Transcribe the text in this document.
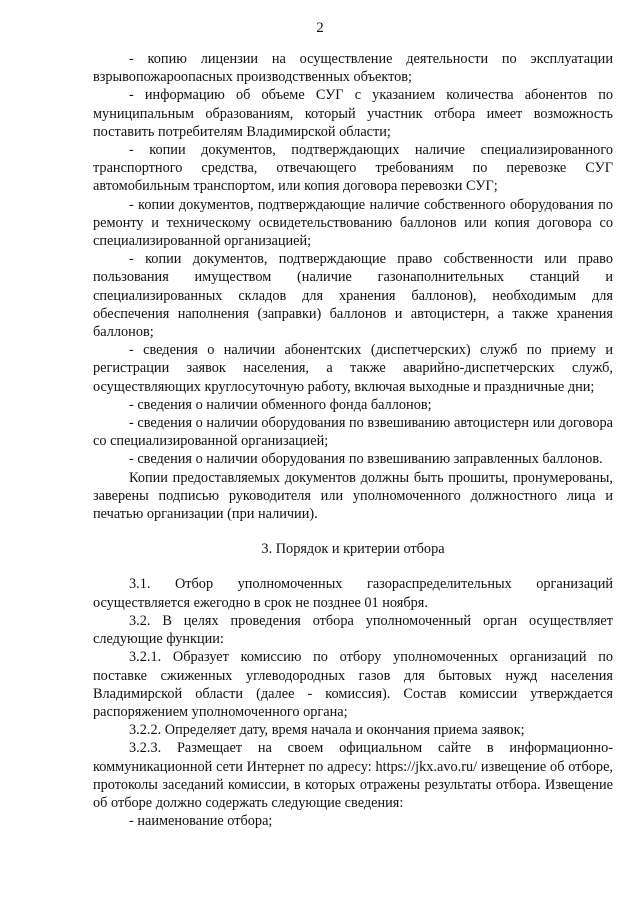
2

- копию лицензии на осуществление деятельности по эксплуатации взрывопожароопасных производственных объектов;

- информацию об объеме СУГ с указанием количества абонентов по муниципальным образованиям, который участник отбора имеет возможность поставить потребителям Владимирской области;

- копии документов, подтверждающих наличие специализированного транспортного средства, отвечающего требованиям по перевозке СУГ автомобильным транспортом, или копия договора перевозки СУГ;

- копии документов, подтверждающие наличие собственного оборудования по ремонту и техническому освидетельствованию баллонов или копия договора со специализированной организацией;

- копии документов, подтверждающие право собственности или право пользования имуществом (наличие газонаполнительных станций и специализированных складов для хранения баллонов), необходимым для обеспечения наполнения (заправки) баллонов и автоцистерн, а также хранения баллонов;

- сведения о наличии абонентских (диспетчерских) служб по приему и регистрации заявок населения, а также аварийно-диспетчерских служб, осуществляющих круглосуточную работу, включая выходные и праздничные дни;

- сведения о наличии обменного фонда баллонов;

- сведения о наличии оборудования по взвешиванию автоцистерн или договора со специализированной организацией;

- сведения о наличии оборудования по взвешиванию заправленных баллонов.

Копии предоставляемых документов должны быть прошиты, пронумерованы, заверены подписью руководителя или уполномоченного должностного лица и печатью организации (при наличии).

3. Порядок и критерии отбора

3.1. Отбор уполномоченных газораспределительных организаций осуществляется ежегодно в срок не позднее 01 ноября.

3.2. В целях проведения отбора уполномоченный орган осуществляет следующие функции:

3.2.1. Образует комиссию по отбору уполномоченных организаций по поставке сжиженных углеводородных газов для бытовых нужд населения Владимирской области (далее - комиссия). Состав комиссии утверждается распоряжением уполномоченного органа;

3.2.2. Определяет дату, время начала и окончания приема заявок;

3.2.3. Размещает на своем официальном сайте в информационно-коммуникационной сети Интернет по адресу: https://jkx.avo.ru/ извещение об отборе, протоколы заседаний комиссии, в которых отражены результаты отбора. Извещение об отборе должно содержать следующие сведения:

- наименование отбора;
